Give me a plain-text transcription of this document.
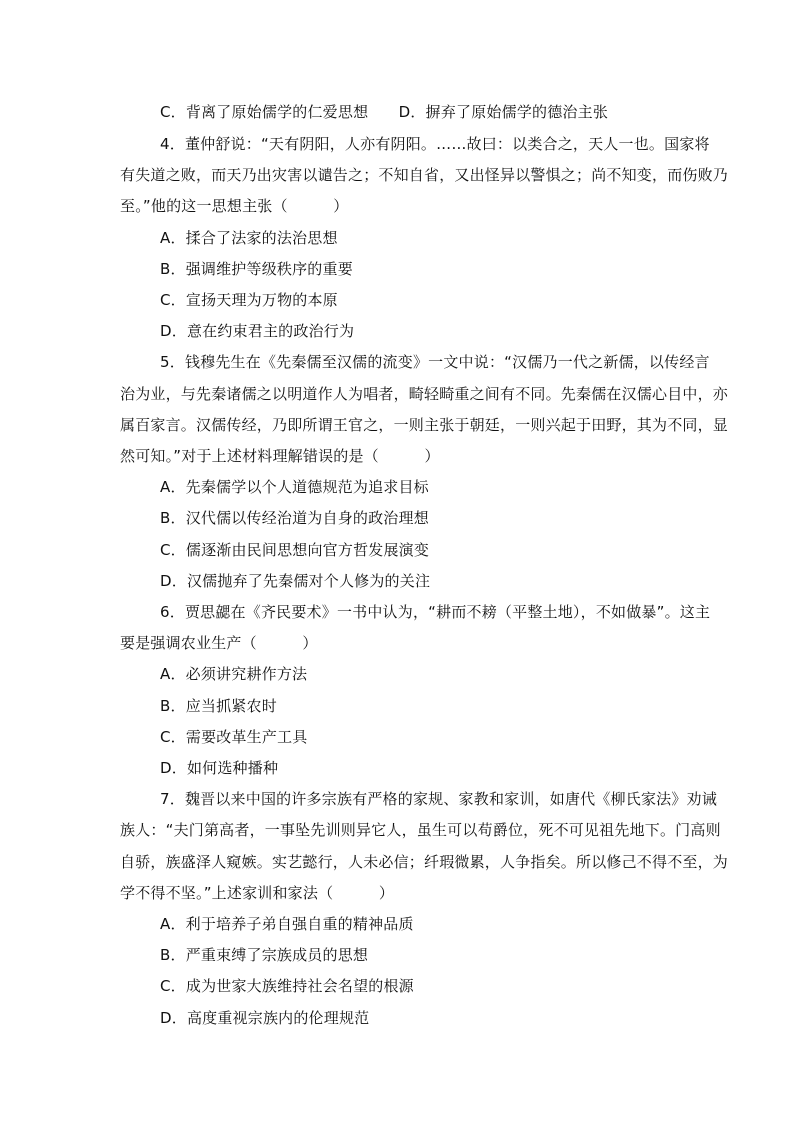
C．背离了原始儒学的仁爱思想　　D．摒弃了原始儒学的德治主张
4．董仲舒说：“天有阴阳，人亦有阴阳。……故曰：以类合之，天人一也。国家将
有失道之败，而天乃出灾害以谴告之；不知自省，又出怪异以警惧之；尚不知变，而伤败乃
至。”他的这一思想主张（　　　）
A．揉合了法家的法治思想
B．强调维护等级秩序的重要
C．宣扬天理为万物的本原
D．意在约束君主的政治行为
5．钱穆先生在《先秦儒至汉儒的流变》一文中说：“汉儒乃一代之新儒，以传经言
治为业，与先秦诸儒之以明道作人为唱者，畸轻畸重之间有不同。先秦儒在汉儒心目中，亦
属百家言。汉儒传经，乃即所谓王官之，一则主张于朝廷，一则兴起于田野，其为不同，显
然可知。”对于上述材料理解错误的是（　　　）
A．先秦儒学以个人道德规范为追求目标
B．汉代儒以传经治道为自身的政治理想
C．儒逐渐由民间思想向官方哲发展演变
D．汉儒抛弃了先秦儒对个人修为的关注
6．贾思勰在《齐民要术》一书中认为，“耕而不耪（平整土地），不如做暴”。这主
要是强调农业生产（　　　）
A．必须讲究耕作方法
B．应当抓紧农时
C．需要改革生产工具
D．如何选种播种
7．魏晋以来中国的许多宗族有严格的家规、家教和家训，如唐代《柳氏家法》劝诫
族人：“夫门第高者，一事坠先训则异它人，虽生可以苟爵位，死不可见祖先地下。门高则
自骄，族盛泽人窥嫉。实艺懿行，人未必信；纤瑕微累，人争指矣。所以修己不得不至，为
学不得不坚。”上述家训和家法（　　　）
A．利于培养子弟自强自重的精神品质
B．严重束缚了宗族成员的思想
C．成为世家大族维持社会名望的根源
D．高度重视宗族内的伦理规范
